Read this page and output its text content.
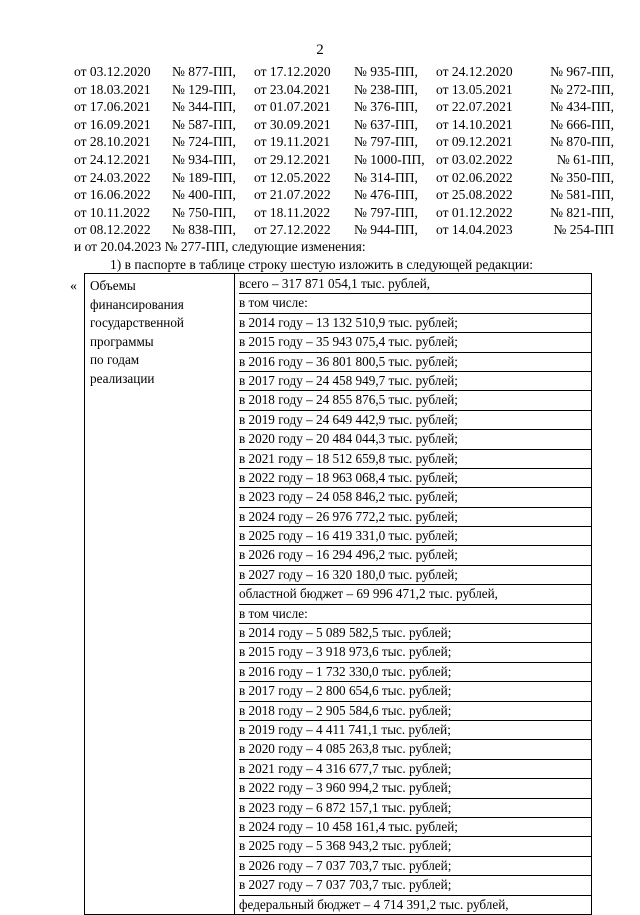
2
от 03.12.2020	№ 877-ПП,	от 17.12.2020	№ 935-ПП,	от 24.12.2020	№ 967-ПП,
от 18.03.2021	№ 129-ПП,	от 23.04.2021	№ 238-ПП,	от 13.05.2021	№ 272-ПП,
от 17.06.2021	№ 344-ПП,	от 01.07.2021	№ 376-ПП,	от 22.07.2021	№ 434-ПП,
от 16.09.2021	№ 587-ПП,	от 30.09.2021	№ 637-ПП,	от 14.10.2021	№ 666-ПП,
от 28.10.2021	№ 724-ПП,	от 19.11.2021	№ 797-ПП,	от 09.12.2021	№ 870-ПП,
от 24.12.2021	№ 934-ПП,	от 29.12.2021	№ 1000-ПП, от 03.02.2022	№ 61-ПП,
от 24.03.2022	№ 189-ПП,	от 12.05.2022	№ 314-ПП,	от 02.06.2022	№ 350-ПП,
от 16.06.2022	№ 400-ПП,	от 21.07.2022	№ 476-ПП,	от 25.08.2022	№ 581-ПП,
от 10.11.2022	№ 750-ПП,	от 18.11.2022	№ 797-ПП,	от 01.12.2022	№ 821-ПП,
от 08.12.2022	№ 838-ПП,	от 27.12.2022	№ 944-ПП,	от 14.04.2023	№ 254-ПП
и от 20.04.2023 № 277-ПП, следующие изменения:
1) в паспорте в таблице строку шестую изложить в следующей редакции:
« Объемы
финансирования
государственной
программы
по годам
реализации

всего – 317 871 054,1 тыс. рублей,
в том числе:
в 2014 году – 13 132 510,9 тыс. рублей;
в 2015 году – 35 943 075,4 тыс. рублей;
в 2016 году – 36 801 800,5 тыс. рублей;
в 2017 году – 24 458 949,7 тыс. рублей;
в 2018 году – 24 855 876,5 тыс. рублей;
в 2019 году – 24 649 442,9 тыс. рублей;
в 2020 году – 20 484 044,3 тыс. рублей;
в 2021 году – 18 512 659,8 тыс. рублей;
в 2022 году – 18 963 068,4 тыс. рублей;
в 2023 году – 24 058 846,2 тыс. рублей;
в 2024 году – 26 976 772,2 тыс. рублей;
в 2025 году – 16 419 331,0 тыс. рублей;
в 2026 году – 16 294 496,2 тыс. рублей;
в 2027 году – 16 320 180,0 тыс. рублей;
областной бюджет – 69 996 471,2 тыс. рублей,
в том числе:
в 2014 году – 5 089 582,5 тыс. рублей;
в 2015 году – 3 918 973,6 тыс. рублей;
в 2016 году – 1 732 330,0 тыс. рублей;
в 2017 году – 2 800 654,6 тыс. рублей;
в 2018 году – 2 905 584,6 тыс. рублей;
в 2019 году – 4 411 741,1 тыс. рублей;
в 2020 году – 4 085 263,8 тыс. рублей;
в 2021 году – 4 316 677,7 тыс. рублей;
в 2022 году – 3 960 994,2 тыс. рублей;
в 2023 году – 6 872 157,1 тыс. рублей;
в 2024 году – 10 458 161,4 тыс. рублей;
в 2025 году – 5 368 943,2 тыс. рублей;
в 2026 году – 7 037 703,7 тыс. рублей;
в 2027 году – 7 037 703,7 тыс. рублей;
федеральный бюджет – 4 714 391,2 тыс. рублей,
